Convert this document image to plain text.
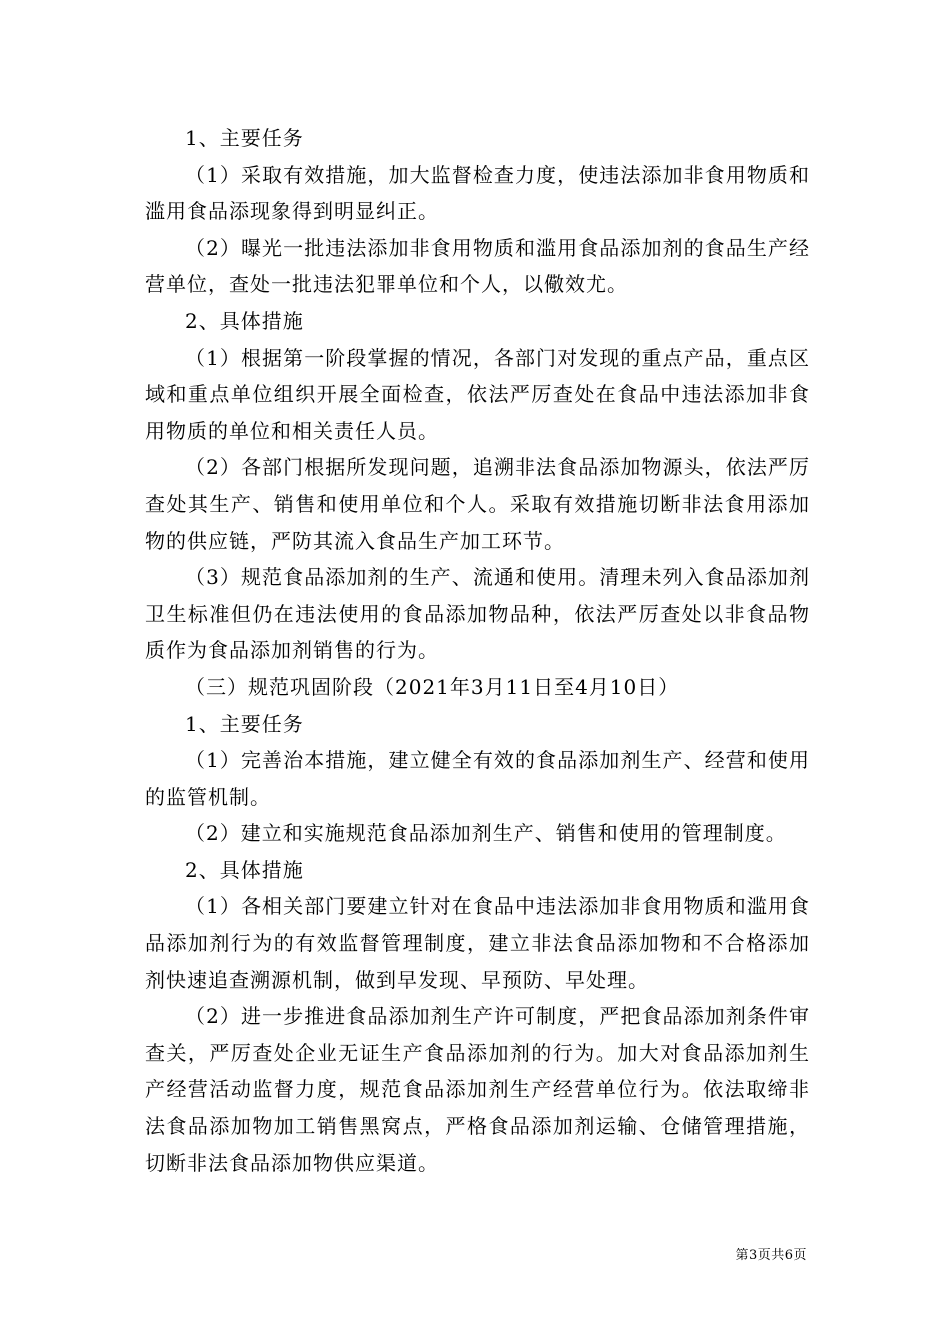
1、主要任务

（1）采取有效措施，加大监督检查力度，使违法添加非食用物质和滥用食品添现象得到明显纠正。

（2）曝光一批违法添加非食用物质和滥用食品添加剂的食品生产经营单位，查处一批违法犯罪单位和个人，以儆效尤。

2、具体措施

（1）根据第一阶段掌握的情况，各部门对发现的重点产品，重点区域和重点单位组织开展全面检查，依法严厉查处在食品中违法添加非食用物质的单位和相关责任人员。

（2）各部门根据所发现问题，追溯非法食品添加物源头，依法严厉查处其生产、销售和使用单位和个人。采取有效措施切断非法食用添加物的供应链，严防其流入食品生产加工环节。

（3）规范食品添加剂的生产、流通和使用。清理未列入食品添加剂卫生标准但仍在违法使用的食品添加物品种，依法严厉查处以非食品物质作为食品添加剂销售的行为。

（三）规范巩固阶段（2021年3月11日至4月10日）

1、主要任务

（1）完善治本措施，建立健全有效的食品添加剂生产、经营和使用的监管机制。

（2）建立和实施规范食品添加剂生产、销售和使用的管理制度。

2、具体措施

（1）各相关部门要建立针对在食品中违法添加非食用物质和滥用食品添加剂行为的有效监督管理制度，建立非法食品添加物和不合格添加剂快速追查溯源机制，做到早发现、早预防、早处理。

（2）进一步推进食品添加剂生产许可制度，严把食品添加剂条件审查关，严厉查处企业无证生产食品添加剂的行为。加大对食品添加剂生产经营活动监督力度，规范食品添加剂生产经营单位行为。依法取缔非法食品添加物加工销售黑窝点，严格食品添加剂运输、仓储管理措施，切断非法食品添加物供应渠道。

第3页共6页
